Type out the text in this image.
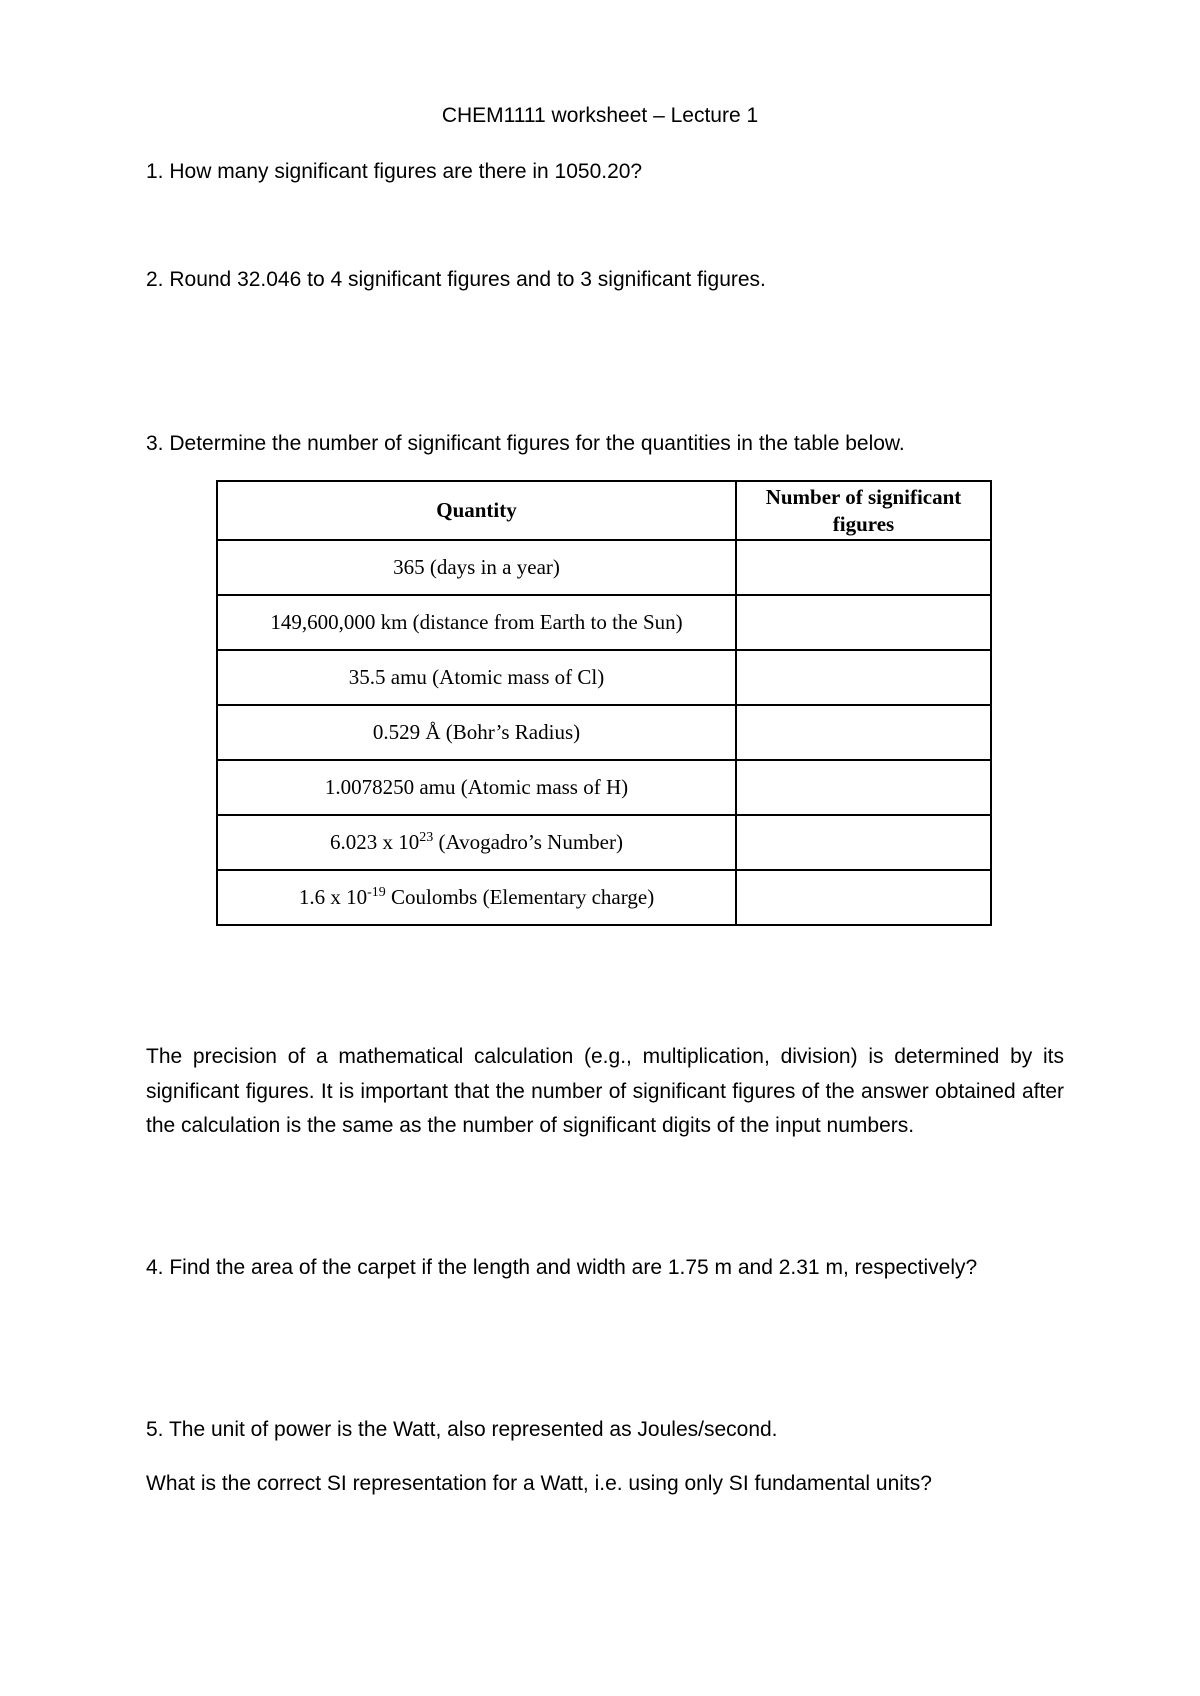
CHEM1111 worksheet – Lecture 1

1. How many significant figures are there in 1050.20?

2. Round 32.046 to 4 significant figures and to 3 significant figures.

3. Determine the number of significant figures for the quantities in the table below.

Quantity	Number of significant figures
365 (days in a year)	
149,600,000 km (distance from Earth to the Sun)	
35.5 amu (Atomic mass of Cl)	
0.529 Å (Bohr’s Radius)	
1.0078250 amu (Atomic mass of H)	
6.023 x $10^{23}$ (Avogadro’s Number)	
1.6 x $10^{-19}$ Coulombs (Elementary charge)	

The precision of a mathematical calculation (e.g., multiplication, division) is determined by its significant figures. It is important that the number of significant figures of the answer obtained after the calculation is the same as the number of significant digits of the input numbers.

4. Find the area of the carpet if the length and width are 1.75 m and 2.31 m, respectively?

5. The unit of power is the Watt, also represented as Joules/second.

What is the correct SI representation for a Watt, i.e. using only SI fundamental units?
